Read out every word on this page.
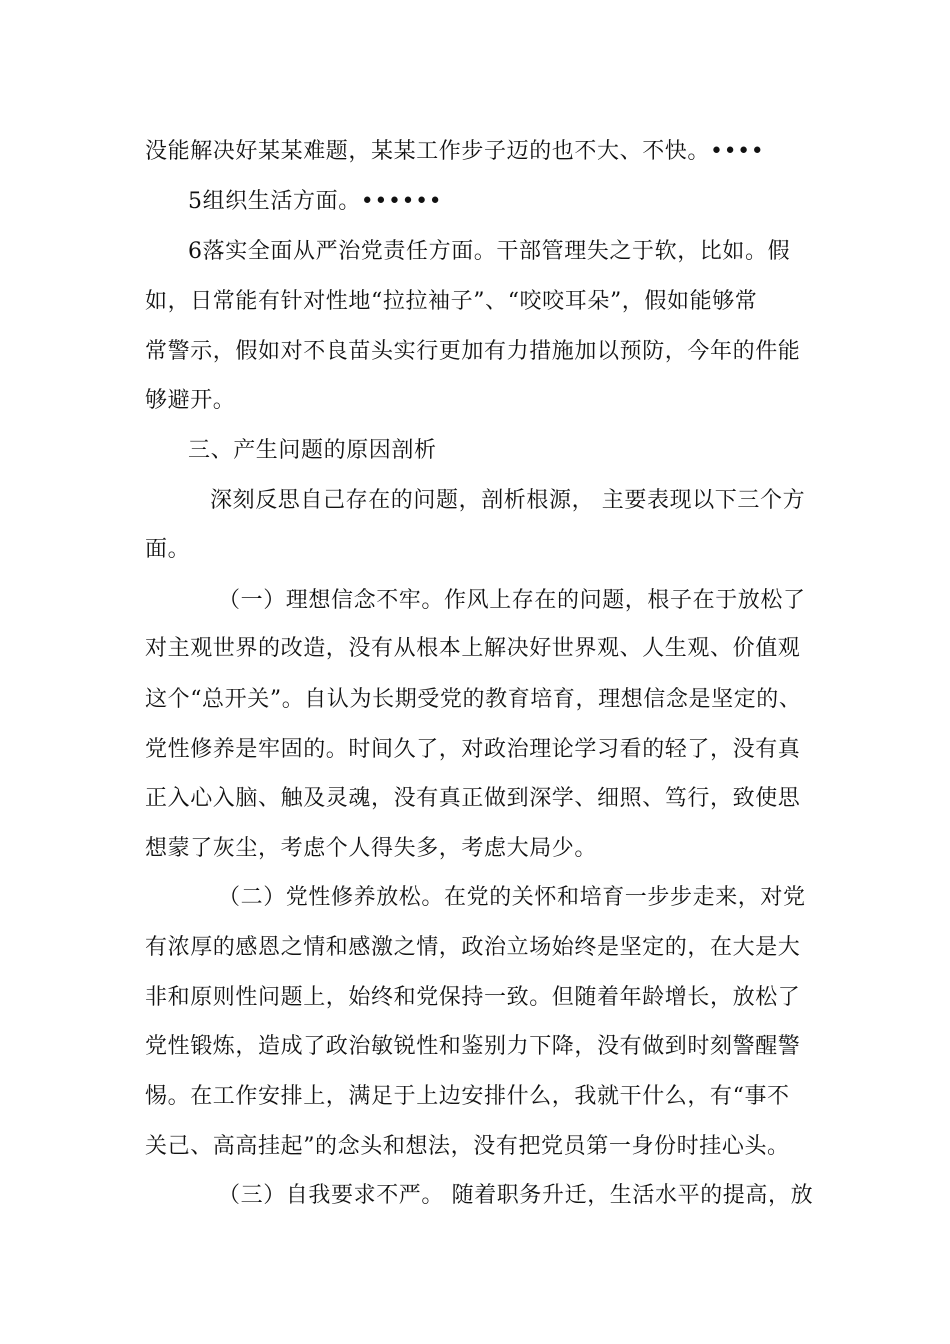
没能解决好某某难题，某某工作步子迈的也不大、不快。••••
5组织生活方面。••••••
6落实全面从严治党责任方面。干部管理失之于软，比如。假
如，日常能有针对性地“拉拉袖子”、“咬咬耳朵”，假如能够常
常警示，假如对不良苗头实行更加有力措施加以预防，今年的件能
够避开。
三、产生问题的原因剖析
深刻反思自己存在的问题，剖析根源， 主要表现以下三个方
面。
（一）理想信念不牢。作风上存在的问题，根子在于放松了
对主观世界的改造，没有从根本上解决好世界观、人生观、价值观
这个“总开关”。自认为长期受党的教育培育，理想信念是坚定的、
党性修养是牢固的。时间久了，对政治理论学习看的轻了，没有真
正入心入脑、触及灵魂，没有真正做到深学、细照、笃行，致使思
想蒙了灰尘，考虑个人得失多，考虑大局少。
（二）党性修养放松。在党的关怀和培育一步步走来，对党
有浓厚的感恩之情和感激之情，政治立场始终是坚定的，在大是大
非和原则性问题上，始终和党保持一致。但随着年龄增长，放松了
党性锻炼，造成了政治敏锐性和鉴别力下降，没有做到时刻警醒警
惕。在工作安排上，满足于上边安排什么，我就干什么，有“事不
关己、高高挂起”的念头和想法，没有把党员第一身份时挂心头。
（三）自我要求不严。 随着职务升迁，生活水平的提高，放
